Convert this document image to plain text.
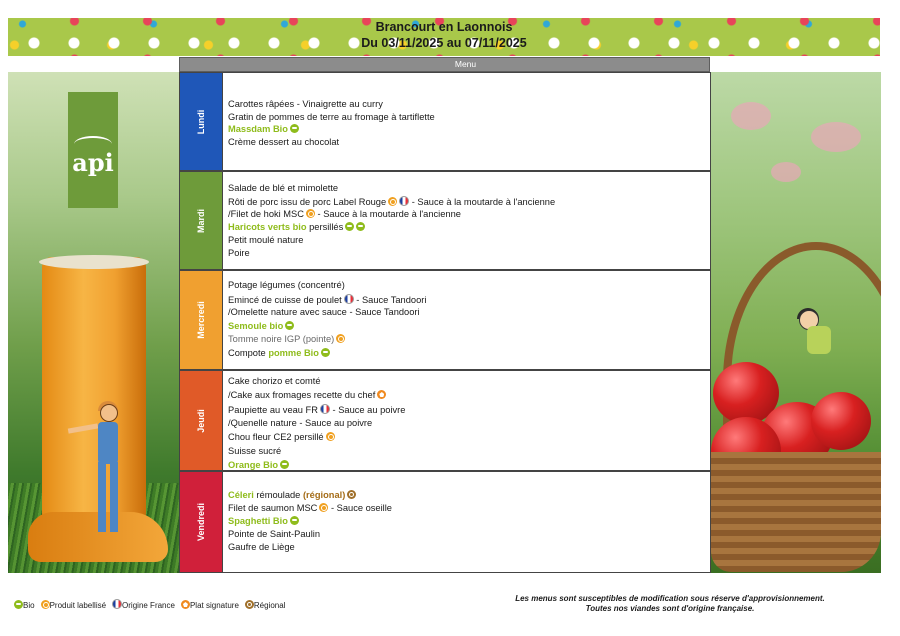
Brancourt en Laonnois
Du 03/11/2025 au 07/11/2025
api
Menu
Lundi
Carottes râpées - Vinaigrette au curry
Gratin de pommes de terre au fromage à tartiflette
Massdam Bio
Crème dessert au chocolat
Mardi
Salade de blé et mimolette
Rôti de porc issu de porc Label Rouge - Sauce à la moutarde à l'ancienne
/Filet de hoki MSC - Sauce à la moutarde à l'ancienne
Haricots verts bio persillés
Petit moulé nature
Poire
Mercredi
Potage légumes (concentré)
Emincé de cuisse de poulet - Sauce Tandoori
/Omelette nature avec sauce - Sauce Tandoori
Semoule bio
Tomme noire IGP (pointe)
Compote pomme Bio
Jeudi
Cake chorizo et comté
/Cake aux fromages recette du chef
Paupiette au veau FR - Sauce au poivre
/Quenelle nature - Sauce au poivre
Chou fleur CE2 persillé
Suisse sucré
Orange Bio
Vendredi
Céleri rémoulade (régional)
Filet de saumon MSC - Sauce oseille
Spaghetti Bio
Pointe de Saint-Paulin
Gaufre de Liège
Bio Produit labellisé Origine France Plat signature Régional
Les menus sont susceptibles de modification sous réserve d'approvisionnement.
Toutes nos viandes sont d'origine française.
